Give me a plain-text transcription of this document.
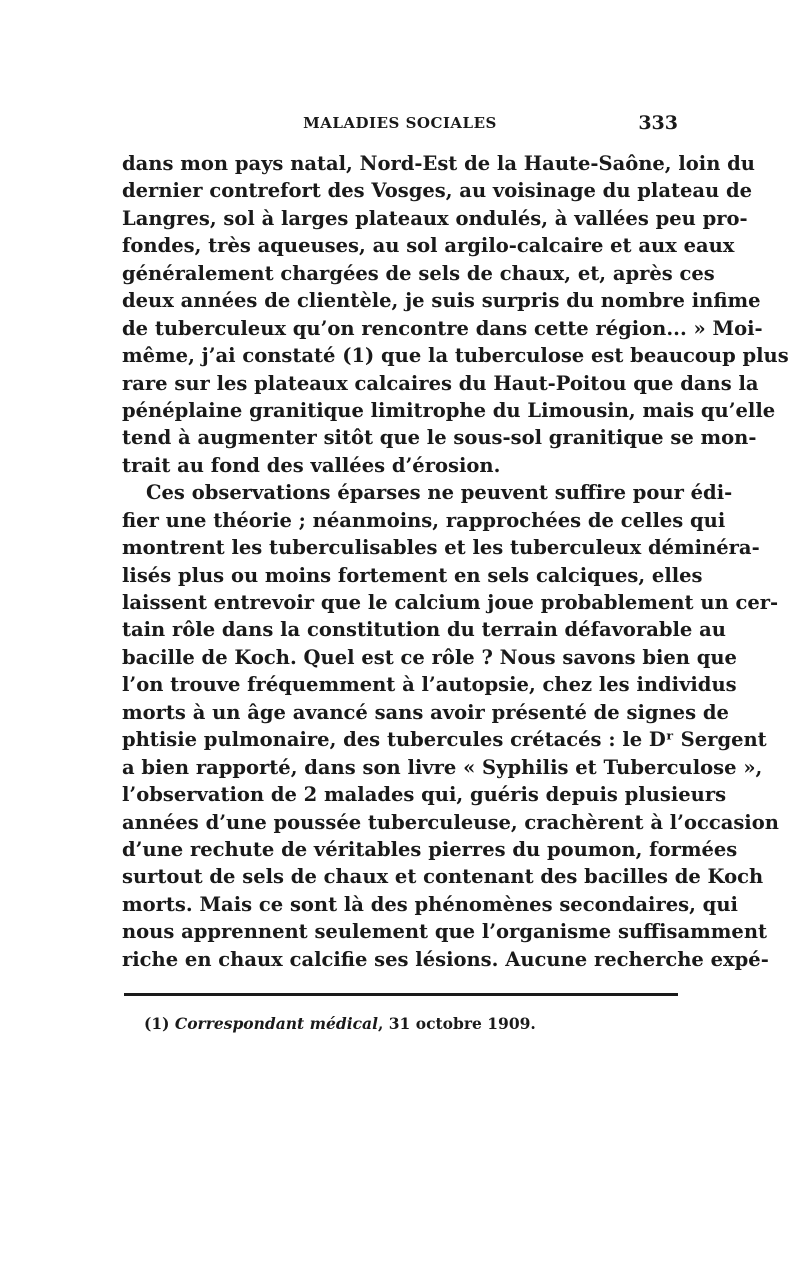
MALADIES SOCIALES	333
dans mon pays natal, Nord-Est de la Haute-Saône, loin du
dernier contrefort des Vosges, au voisinage du plateau de
Langres, sol à larges plateaux ondulés, à vallées peu pro-
fondes, très aqueuses, au sol argilo-calcaire et aux eaux
généralement chargées de sels de chaux, et, après ces
deux années de clientèle, je suis surpris du nombre infime
de tuberculeux qu’on rencontre dans cette région... » Moi-
même, j’ai constaté (1) que la tuberculose est beaucoup plus
rare sur les plateaux calcaires du Haut-Poitou que dans la
pénéplaine granitique limitrophe du Limousin, mais qu’elle
tend à augmenter sitôt que le sous-sol granitique se mon-
trait au fond des vallées d’érosion.
Ces observations éparses ne peuvent suffire pour édi-
fier une théorie ; néanmoins, rapprochées de celles qui
montrent les tuberculisables et les tuberculeux déminéra-
lisés plus ou moins fortement en sels calciques, elles
laissent entrevoir que le calcium joue probablement un cer-
tain rôle dans la constitution du terrain défavorable au
bacille de Koch. Quel est ce rôle ? Nous savons bien que
l’on trouve fréquemment à l’autopsie, chez les individus
morts à un âge avancé sans avoir présenté de signes de
phtisie pulmonaire, des tubercules crétacés : le Dʳ Sergent
a bien rapporté, dans son livre « Syphilis et Tuberculose »,
l’observation de 2 malades qui, guéris depuis plusieurs
années d’une poussée tuberculeuse, crachèrent à l’occasion
d’une rechute de véritables pierres du poumon, formées
surtout de sels de chaux et contenant des bacilles de Koch
morts. Mais ce sont là des phénomènes secondaires, qui
nous apprennent seulement que l’organisme suffisamment
riche en chaux calcifie ses lésions. Aucune recherche expé-
(1) Correspondant médical, 31 octobre 1909.
